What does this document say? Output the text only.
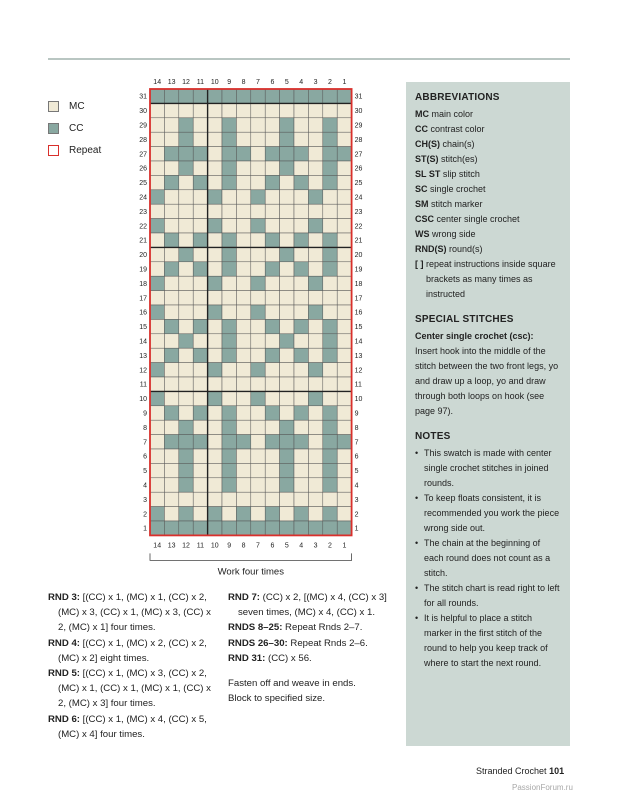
MC
CC
Repeat
14
14
13
13
12
12
11
11
10
10
9
9
8
8
7
7
6
6
5
5
4
4
3
3
2
2
1
1
31	31
30	30
29	29
28	28
27	27
26	26
25	25
24	24
23	23
22	22
21	21
20	20
19	19
18	18
17	17
16	16
15	15
14	14
13	13
12	12
11	11
10	10
9	9
8	8
7	7
6	6
5	5
4	4
3	3
2	2
1	1
Work four times
RND 3: [(CC) x 1, (MC) x 1, (CC) x 2, (MC) x 3, (CC) x 1, (MC) x 3, (CC) x 2, (MC) x 1] four times.
RND 4: [(CC) x 1, (MC) x 2, (CC) x 2, (MC) x 2] eight times.
RND 5: [(CC) x 1, (MC) x 3, (CC) x 2, (MC) x 1, (CC) x 1, (MC) x 1, (CC) x 2, (MC) x 3] four times.
RND 6: [(CC) x 1, (MC) x 4, (CC) x 5, (MC) x 4] four times.
RND 7: (CC) x 2, [(MC) x 4, (CC) x 3] seven times, (MC) x 4, (CC) x 1.
RNDS 8–25: Repeat Rnds 2–7.
RNDS 26–30: Repeat Rnds 2–6.
RND 31: (CC) x 56.
Fasten off and weave in ends.
Block to specified size.
ABBREVIATIONS
MC main color
CC contrast color
CH(S) chain(s)
ST(S) stitch(es)
SL ST slip stitch
SC single crochet
SM stitch marker
CSC center single crochet
WS wrong side
RND(S) round(s)
[ ] repeat instructions inside square brackets as many times as instructed
SPECIAL STITCHES
Center single crochet (csc):
Insert hook into the middle of the stitch between the two front legs, yo and draw up a loop, yo and draw through both loops on hook (see page 97).
NOTES
• This swatch is made with center single crochet stitches in joined rounds.
• To keep floats consistent, it is recommended you work the piece wrong side out.
• The chain at the beginning of each round does not count as a stitch.
• The stitch chart is read right to left for all rounds.
• It is helpful to place a stitch marker in the first stitch of the round to help you keep track of where to start the next round.
Stranded Crochet 101
PassionForum.ru
